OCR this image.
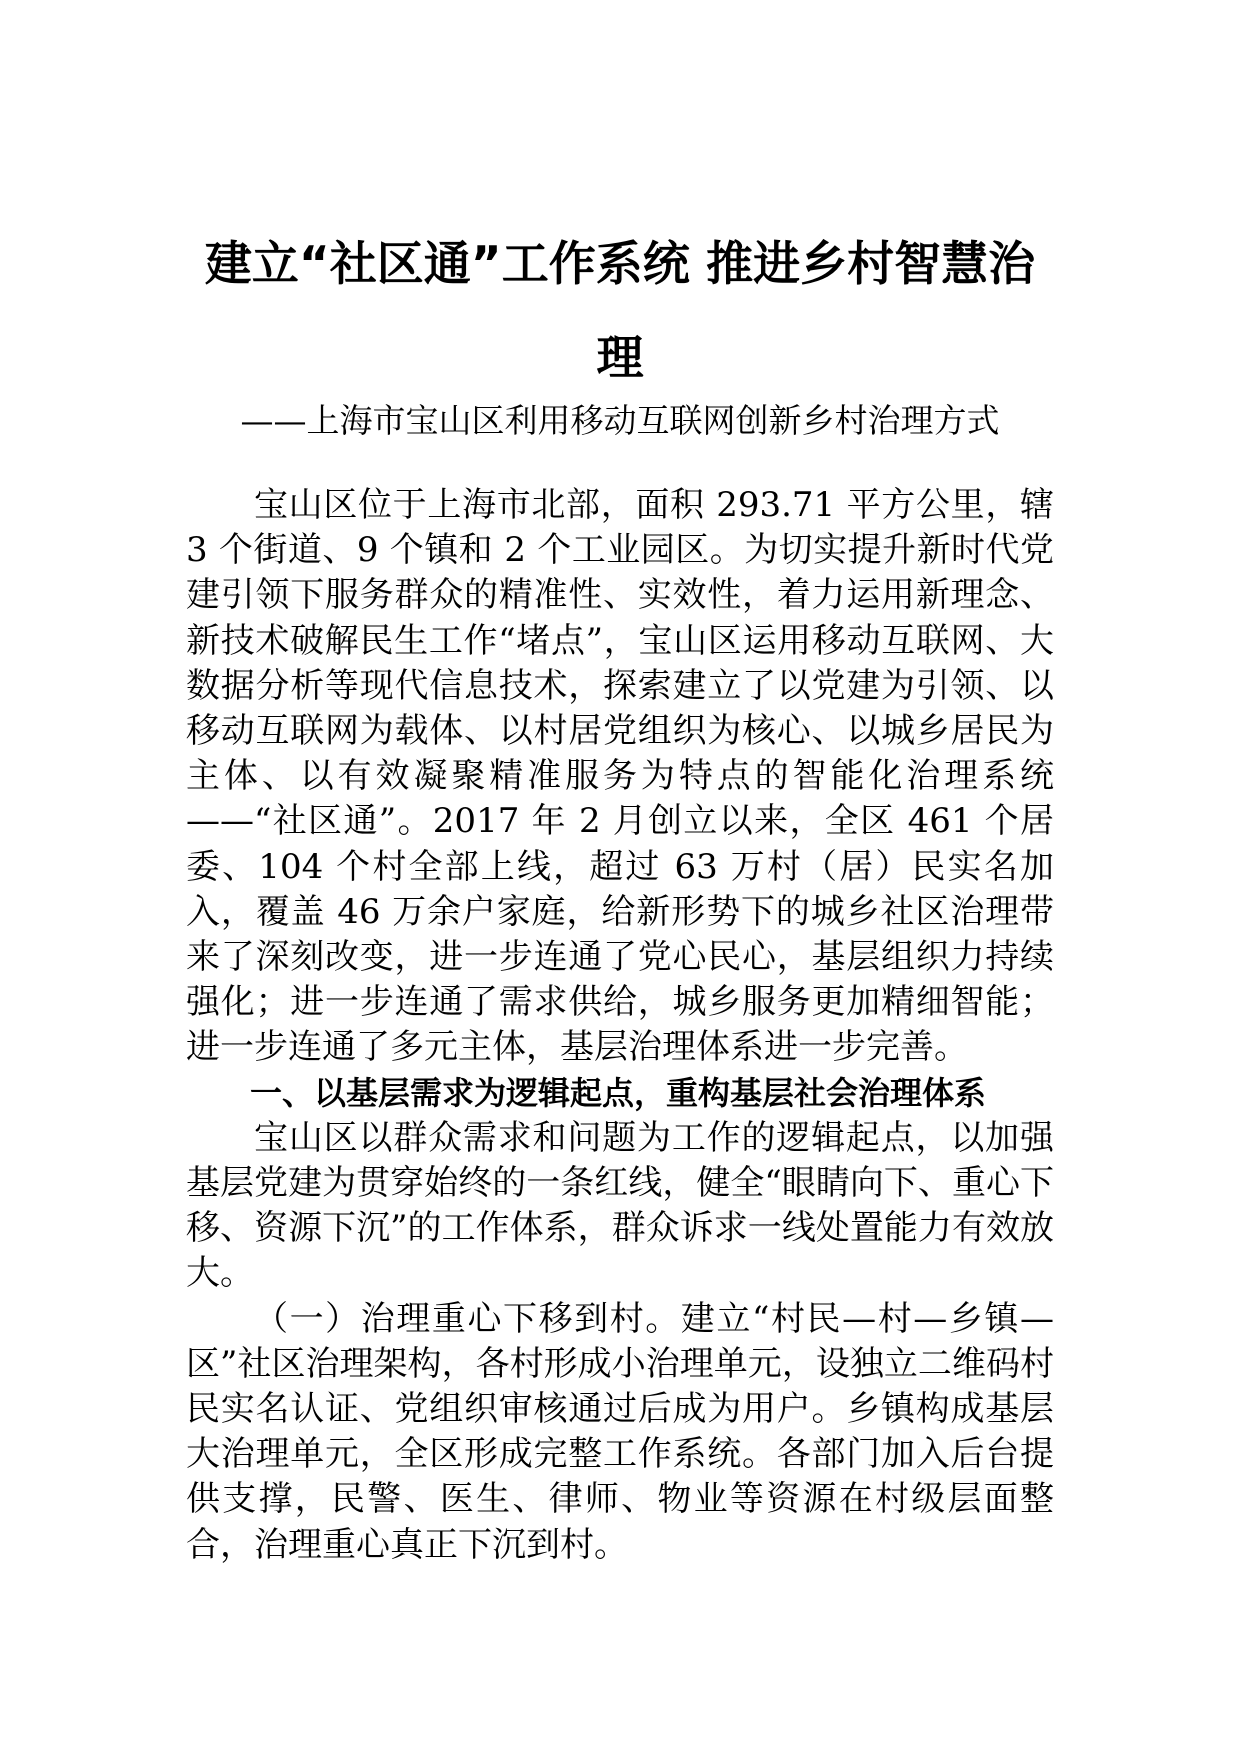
建立“社区通”工作系统 推进乡村智慧治理

——上海市宝山区利用移动互联网创新乡村治理方式

宝山区位于上海市北部，面积 293.71 平方公里，辖 3 个街道、9 个镇和 2 个工业园区。为切实提升新时代党建引领下服务群众的精准性、实效性，着力运用新理念、新技术破解民生工作“堵点”，宝山区运用移动互联网、大数据分析等现代信息技术，探索建立了以党建为引领、以移动互联网为载体、以村居党组织为核心、以城乡居民为主体、以有效凝聚精准服务为特点的智能化治理系统——“社区通”。2017 年 2 月创立以来，全区 461 个居委、104 个村全部上线，超过 63 万村（居）民实名加入，覆盖 46 万余户家庭，给新形势下的城乡社区治理带来了深刻改变，进一步连通了党心民心，基层组织力持续强化；进一步连通了需求供给，城乡服务更加精细智能；进一步连通了多元主体，基层治理体系进一步完善。

一、以基层需求为逻辑起点，重构基层社会治理体系

宝山区以群众需求和问题为工作的逻辑起点，以加强基层党建为贯穿始终的一条红线，健全“眼睛向下、重心下移、资源下沉”的工作体系，群众诉求一线处置能力有效放大。

（一）治理重心下移到村。建立“村民—村—乡镇—区”社区治理架构，各村形成小治理单元，设独立二维码村民实名认证、党组织审核通过后成为用户。乡镇构成基层大治理单元，全区形成完整工作系统。各部门加入后台提供支撑，民警、医生、律师、物业等资源在村级层面整合，治理重心真正下沉到村。
